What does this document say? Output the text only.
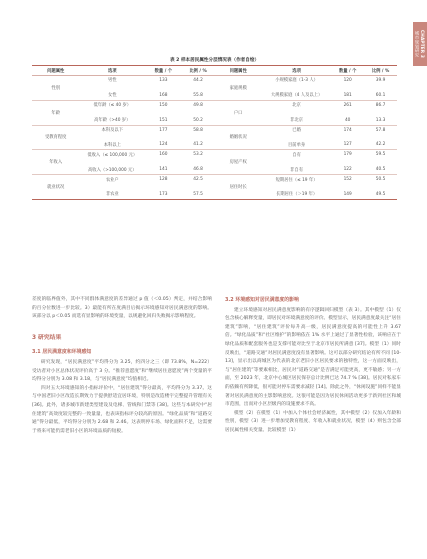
CHAPTER 3
城市规划研究
表 2 样本居民属性分层情况表（作者自绘）
问题属性	选项	数量 / 个	比例 / %	问题属性	选项	数量 / 个	比例 / %
	男性	133	44.2		小规模家庭（1-3 人）	120	39.9
性别				家庭规模			
	女性	168	55.8		大规模家庭（4 人及以上）	181	60.1
	低年龄（≤ 40 岁）	150	49.8		北京	261	86.7
年龄				户口			
	高年龄（>40 岁）	151	50.2		非北京	40	13.3
	本科及以下	177	58.8		已婚	174	57.8
受教育程度				婚姻状况			
	本科以上	124	41.2		目前单身	127	42.2
	低收入（≤ 100,000 元）	160	53.2		自有	179	59.5
年收入				房屋产权			
	高收入（>100,000 元）	141	46.8		非自有	122	40.5
	农业户	128	42.5		短期居住（≤ 19 年）	152	50.5
就业状况				居住时长			
	非农业	173	57.5		长期居住（＞19 年）	149	49.5

差度的临界值外，其中不同群体满意度的差异通过 p 值（＜0.05）判定，并结合影响的百分位数进一步比较。3）最能有所在度满目后揭示环境感知对居民满意度的影响。该部分以 p＜0.05 而选有显影响的环境变量，以规避化回归失败揭示影响程度。

3 研究结果
3.1 居民满意度和环境感知

研究发现，“居民满意度”平均得分为 3.25，约四分之三（即 73.8%，N=222）受访者对小区总体状况评价高于 3 分。“推荐意愿度”和“继续居住意愿度”两个变量的平均得分分别为 3.08 和 3.18，与“居民满意度”均值相近。

四对五大环境感知的小指标评价中，“居住建筑”得分最高，平均得分为 3.37。这与中国老旧小区改造长期致力于提供舒适宜居环境，特别是改造楼宇完整提升管理有关 [36]。此外，诸多城市新建类型建设及电梯、管线和门禁等 [38]。这些与本研究中“居住建筑”高效度较完整的一致量量，也表该指标评分较高的原因。“绿化品质”和“道路交通”得分最低，平均得分分别为 2.68 和 2.46。这表明停车场、绿化面积不足，这需要于将来可能仍需老旧小区的环境品质的短板。

3.2 环境感知对居民满意度的影响

建立环境感知对居民满意度影响的有序逻辑回归模型（表 3）。其中模型（1）仅包含核心解释变量，即居民对环境满意度的评价。模型显示，居民满意度最关注“居住建筑”影响，“居住建筑”评价每升高一级，居民满意度提高的可能性上升 3.67 倍。“绿化品质”和“社区维护”的影响依在 1% 水平上通过了显著性检验，该响应在于绿化品质和配套服务也是支撑可能对比至于北京市居民所满意 [37]。模型（1）同时反映出，“道路交通”对居民满意度没有显著影响。这可以部分研究结论有所不同 [10-13]，显示出以商城区为代表的北京老旧小区居民要求的独特性，这一方面反映出，与“居住建筑”等要素相比，居民对“道路交通”是否满足可能更高，更不敏感；另一方面，至 2023 年，北京中心城区居民保存总计比例已达 74.7 % [38]。居民对私家车的依赖有所降低，很可能对停车需要求减轻 [14]。除此之外，“休闲设施”同样不能显著对居民满意度的主影影响意度。这很可能是因为居民休闲活动更多于新到社区和城市范围，出而对小区层级内的设施要求不高。

模型（2）在模型（1）中加入个体社会经济属性，其中模型（2）仅加入年龄和性别，模型（3）进一步增加受教育程度、年收入和就业状况，模型（4）则包含全部居民属性相关变量。比较模型（1）
